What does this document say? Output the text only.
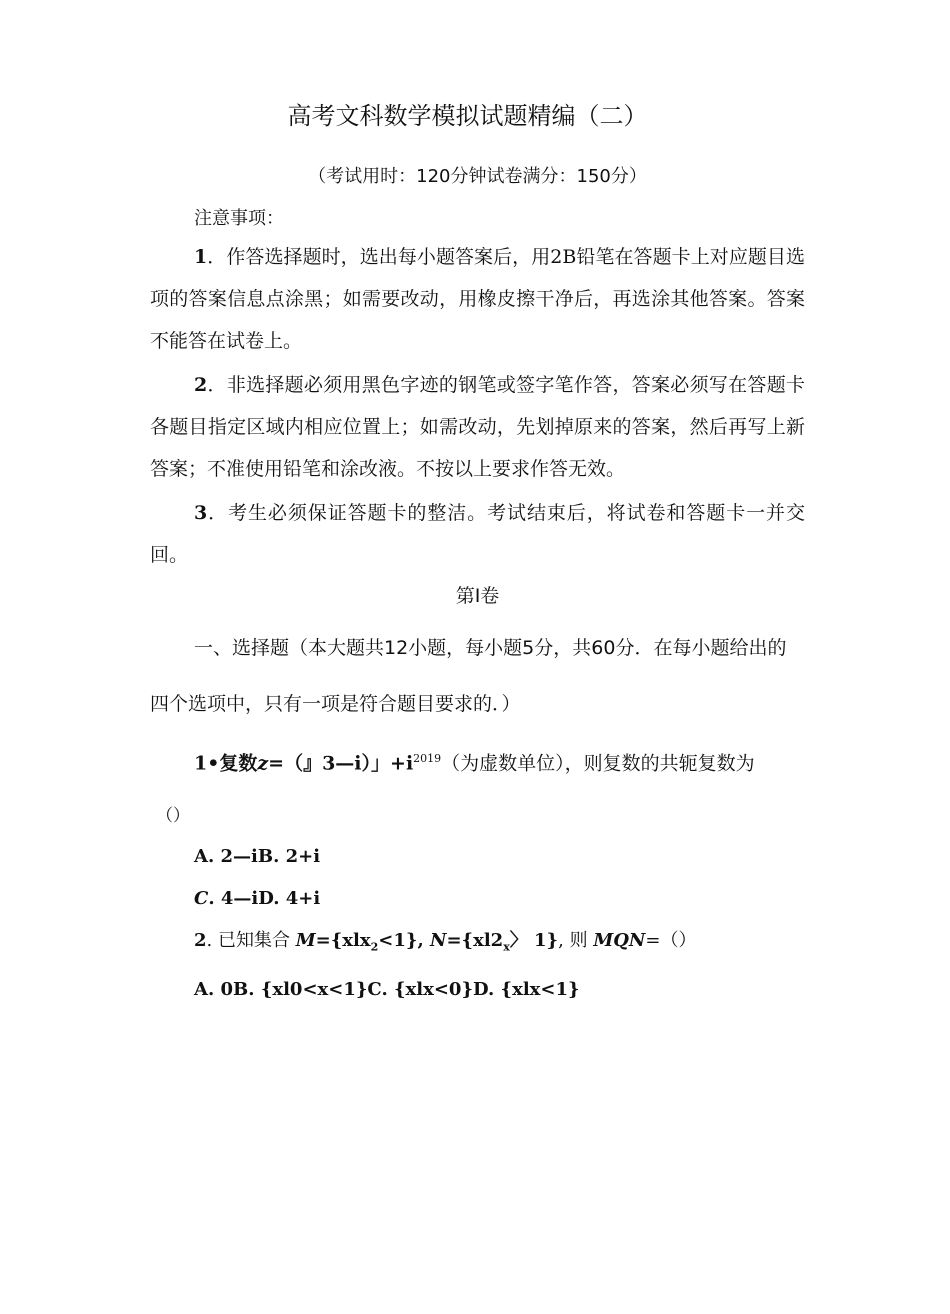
高考文科数学模拟试题精编（二）
（考试用时：120分钟试卷满分：150分）
注意事项：
1．作答选择题时，选出每小题答案后，用2B铅笔在答题卡上对应题目选项的答案信息点涂黑；如需要改动，用橡皮擦干净后，再选涂其他答案。答案不能答在试卷上。
2．非选择题必须用黑色字迹的钢笔或签字笔作答，答案必须写在答题卡各题目指定区域内相应位置上；如需改动，先划掉原来的答案，然后再写上新答案；不准使用铅笔和涂改液。不按以上要求作答无效。
3．考生必须保证答题卡的整洁。考试结束后，将试卷和答题卡一并交回。
第Ⅰ卷
一、选择题（本大题共12小题，每小题5分，共60分．在每小题给出的四个选项中，只有一项是符合题目要求的．）
1•复数z=（』3—i）」$+i^{2019}$（为虚数单位），则复数的共轭复数为
（）
A. 2—iB. 2+i
C. 4—iD. 4+i
2. 已知集合 M={xlx$_2$<1}, $N=\{xl2_x$〉 1}, 则 MQN=（）
A. 0B. {xl0<x<1}C. {xlx<0}D. {xlx<1}
